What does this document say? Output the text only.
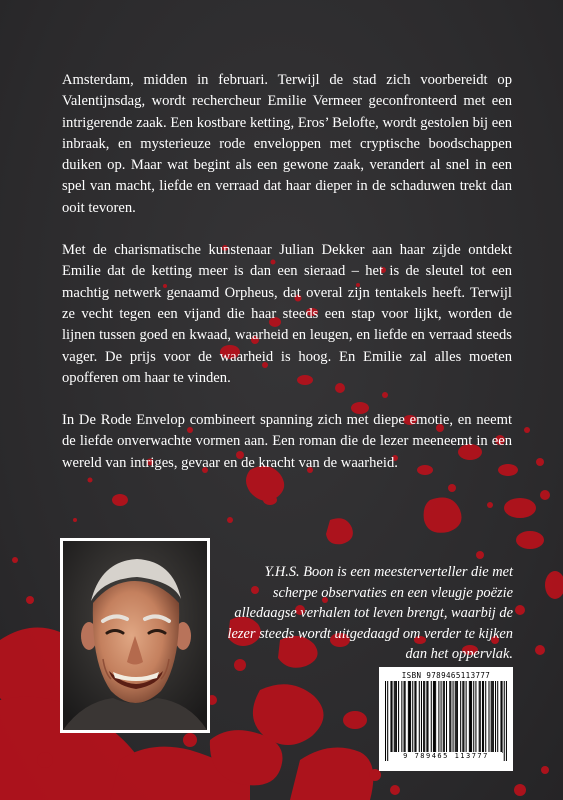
Amsterdam, midden in februari. Terwijl de stad zich voorbereidt op Valentijnsdag, wordt rechercheur Emilie Vermeer geconfronteerd met een intrigerende zaak. Een kostbare ketting, Eros’ Belofte, wordt gestolen bij een inbraak, en mysterieuze rode enveloppen met cryptische boodschappen duiken op. Maar wat begint als een gewone zaak, verandert al snel in een spel van macht, liefde en verraad dat haar dieper in de schaduwen trekt dan ooit tevoren.

Met de charismatische kunstenaar Julian Dekker aan haar zijde ontdekt Emilie dat de ketting meer is dan een sieraad – het is de sleutel tot een machtig netwerk genaamd Orpheus, dat overal zijn tentakels heeft. Terwijl ze vecht tegen een vijand die haar steeds een stap voor lijkt, worden de lijnen tussen goed en kwaad, waarheid en leugen, en liefde en verraad steeds vager. De prijs voor de waarheid is hoog. En Emilie zal alles moeten opofferen om haar te vinden.

In De Rode Envelop combineert spanning zich met diepe emotie, en neemt de liefde onverwachte vormen aan. Een roman die de lezer meeneemt in een wereld van intriges, gevaar en de kracht van de waarheid.

Y.H.S. Boon is een meesterverteller die met scherpe observaties en een vleugje poëzie alledaagse verhalen tot leven brengt, waarbij de lezer steeds wordt uitgedaagd om verder te kijken dan het oppervlak.

ISBN 9789465113777
9 789465 113777
